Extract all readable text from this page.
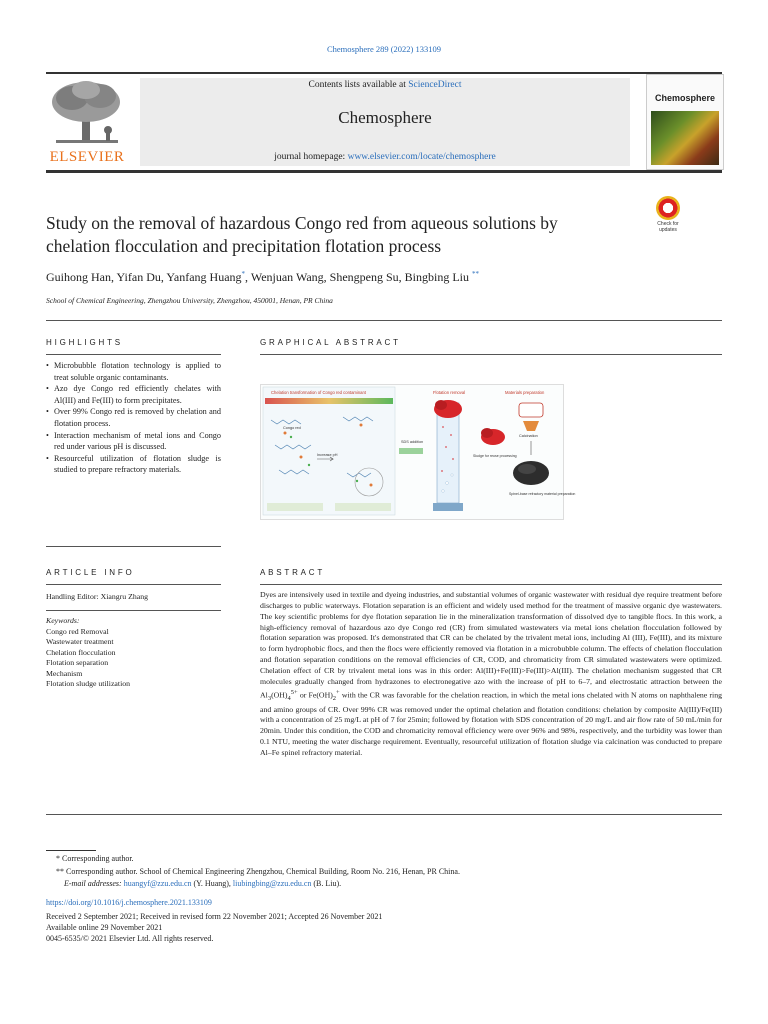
Chemosphere 289 (2022) 133109
ELSEVIER
Contents lists available at ScienceDirect
Chemosphere
journal homepage: www.elsevier.com/locate/chemosphere
Chemosphere
Study on the removal of hazardous Congo red from aqueous solutions by chelation flocculation and precipitation flotation process
Check for updates
Guihong Han, Yifan Du, Yanfang Huang*, Wenjuan Wang, Shengpeng Su, Bingbing Liu **
School of Chemical Engineering, Zhengzhou University, Zhengzhou, 450001, Henan, PR China
HIGHLIGHTS
• Microbubble flotation technology is applied to treat soluble organic contaminants.
• Azo dye Congo red efficiently chelates with Al(III) and Fe(III) to form precipitates.
• Over 99% Congo red is removed by chelation and flotation process.
• Interaction mechanism of metal ions and Congo red under various pH is discussed.
• Resourceful utilization of flotation sludge is studied to prepare refractory materials.
GRAPHICAL ABSTRACT
Chelation transformation of Congo red contaminant
Congo red
Increase pH
SDS addition
Flotation removal
Sludge for reuse processing
Materials preparation
Calcination
Spinel-base refractory material preparation
ARTICLE INFO
Handling Editor: Xiangru Zhang
Keywords:
Congo red Removal
Wastewater treatment
Chelation flocculation
Flotation separation
Mechanism
Flotation sludge utilization
ABSTRACT

Dyes are intensively used in textile and dyeing industries, and substantial volumes of organic wastewater with residual dye require treatment before discharges to public waterways. Flotation separation is an efficient and widely used method for the treatment of massive organic dye wastewaters. The key scientific problems for dye flotation separation lie in the mineralization transformation of dissolved dye to tangible flocs. In this work, a high-efficiency removal of hazardous azo dye Congo red (CR) from simulated wastewaters via metal ions chelation flocculation followed by flotation separation was proposed. It's demonstrated that CR can be chelated by the trivalent metal ions, including Al (III), Fe(III), and its mixture to form hydrophobic flocs, and then the flocs were efficiently removed via flotation in a microbubble column. The effects of chelation flocculation and flotation separation conditions on the removal efficiencies of CR, COD, and chromaticity from CR simulated wastewaters were optimized. Chelation effect of CR by trivalent metal ions was in this order: Al(III)+Fe(III)>Fe(III)>Al(III). The chelation mechanism suggested that CR molecules gradually changed from hydrazones to electronegative azo with the increase of pH to 6–7, and electrostatic attraction between the $Al_3(OH)_4^{5+}$ or $Fe(OH)_2^+$ with the CR was favorable for the chelation reaction, in which the metal ions chelated with N atoms on naphthalene ring and amino groups of CR. Over 99% CR was removed under the optimal chelation and flotation conditions: chelation by composite Al(III)/Fe(III) with a concentration of 25 mg/L at pH of 7 for 25min; followed by flotation with SDS concentration of 20 mg/L and air flow rate of 50 mL/min for 20min. Under this condition, the COD and chromaticity removal efficiency were over 96% and 98%, respectively, and the turbidity was lower than 0.1 NTU, meeting the water discharge requirement. Eventually, resourceful utilization of flotation sludge via calcination was conducted to prepare Al–Fe spinel refractory material.

* Corresponding author.
** Corresponding author. School of Chemical Engineering Zhengzhou, Chemical Building, Room No. 216, Henan, PR China.
E-mail addresses: huangyf@zzu.edu.cn (Y. Huang), liubingbing@zzu.edu.cn (B. Liu).
https://doi.org/10.1016/j.chemosphere.2021.133109
Received 2 September 2021; Received in revised form 22 November 2021; Accepted 26 November 2021
Available online 29 November 2021
0045-6535/© 2021 Elsevier Ltd. All rights reserved.
